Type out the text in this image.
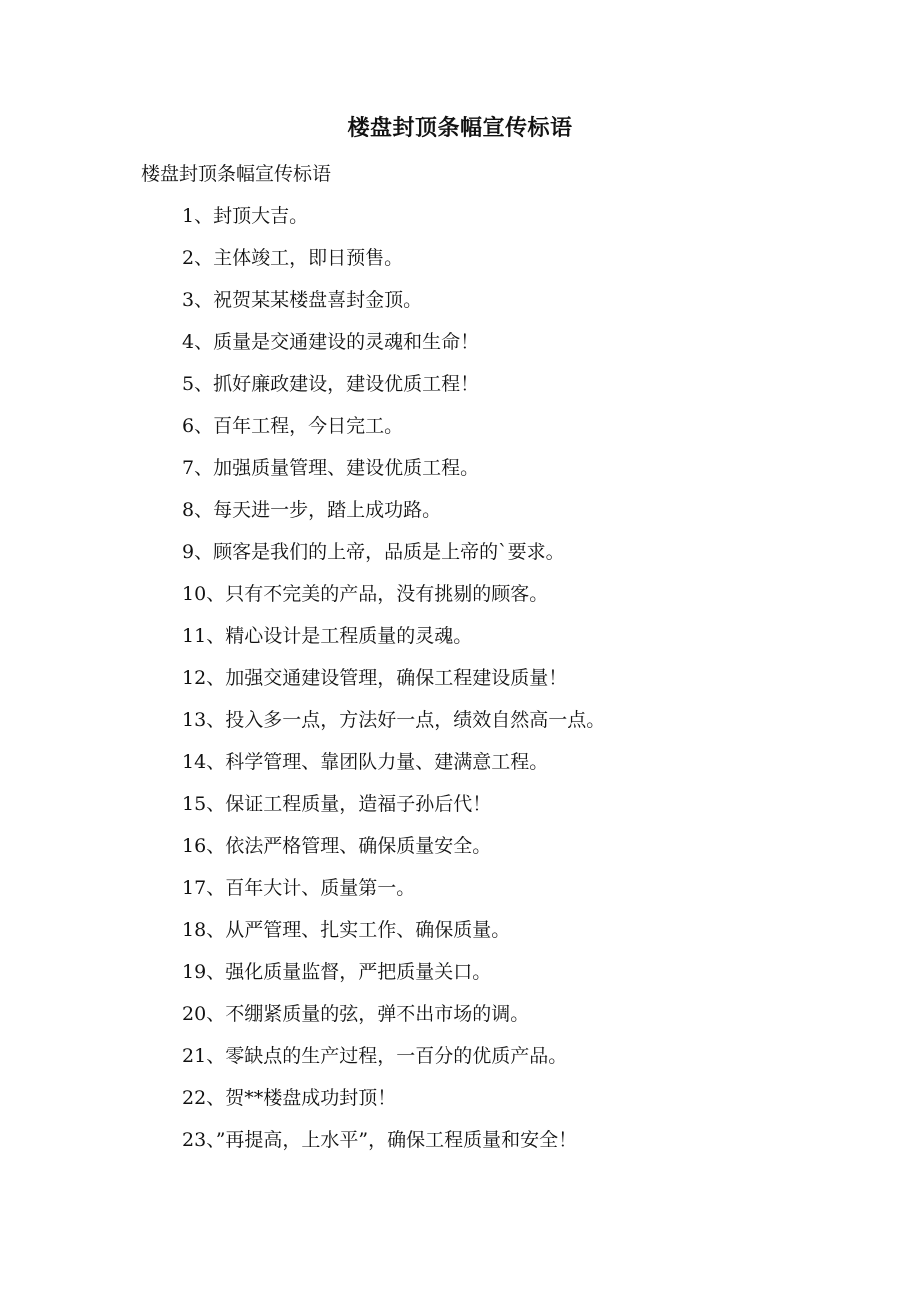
楼盘封顶条幅宣传标语

楼盘封顶条幅宣传标语

1、封顶大吉。
2、主体竣工，即日预售。
3、祝贺某某楼盘喜封金顶。
4、质量是交通建设的灵魂和生命！
5、抓好廉政建设，建设优质工程！
6、百年工程，今日完工。
7、加强质量管理、建设优质工程。
8、每天进一步，踏上成功路。
9、顾客是我们的上帝，品质是上帝的`要求。
10、只有不完美的产品，没有挑剔的顾客。
11、精心设计是工程质量的灵魂。
12、加强交通建设管理，确保工程建设质量！
13、投入多一点，方法好一点，绩效自然高一点。
14、科学管理、靠团队力量、建满意工程。
15、保证工程质量，造福子孙后代！
16、依法严格管理、确保质量安全。
17、百年大计、质量第一。
18、从严管理、扎实工作、确保质量。
19、强化质量监督，严把质量关口。
20、不绷紧质量的弦，弹不出市场的调。
21、零缺点的生产过程，一百分的优质产品。
22、贺**楼盘成功封顶！
23、”再提高，上水平”，确保工程质量和安全！
